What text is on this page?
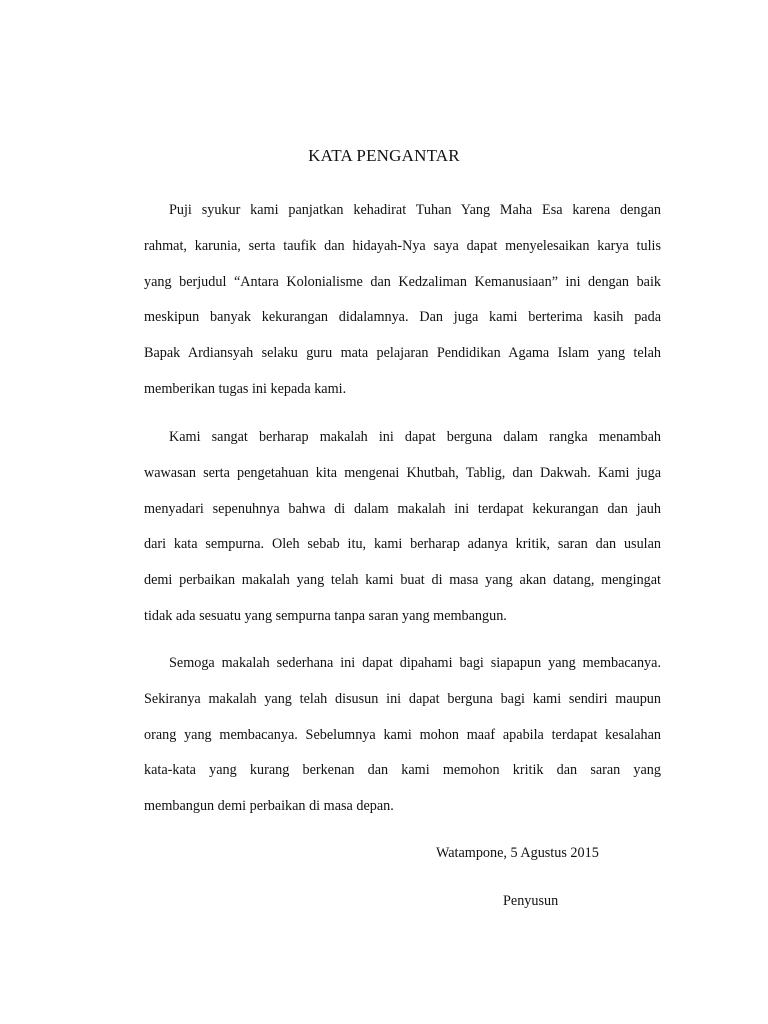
KATA PENGANTAR
Puji syukur kami panjatkan kehadirat Tuhan Yang Maha Esa karena dengan
rahmat, karunia, serta taufik dan hidayah-Nya saya dapat menyelesaikan karya tulis
yang berjudul “Antara Kolonialisme dan Kedzaliman Kemanusiaan” ini dengan baik
meskipun banyak kekurangan didalamnya. Dan juga kami berterima kasih pada
Bapak Ardiansyah selaku guru mata pelajaran Pendidikan Agama Islam yang telah
memberikan tugas ini kepada kami.
Kami sangat berharap makalah ini dapat berguna dalam rangka menambah
wawasan serta pengetahuan kita mengenai Khutbah, Tablig, dan Dakwah. Kami juga
menyadari sepenuhnya bahwa di dalam makalah ini terdapat kekurangan dan jauh
dari kata sempurna. Oleh sebab itu, kami berharap adanya kritik, saran dan usulan
demi perbaikan makalah yang telah kami buat di masa yang akan datang, mengingat
tidak ada sesuatu yang sempurna tanpa saran yang membangun.
Semoga makalah sederhana ini dapat dipahami bagi siapapun yang membacanya.
Sekiranya makalah yang telah disusun ini dapat berguna bagi kami sendiri maupun
orang yang membacanya. Sebelumnya kami mohon maaf apabila terdapat kesalahan
kata-kata yang kurang berkenan dan kami memohon kritik dan saran yang
membangun demi perbaikan di masa depan.
Watampone, 5 Agustus 2015
Penyusun
